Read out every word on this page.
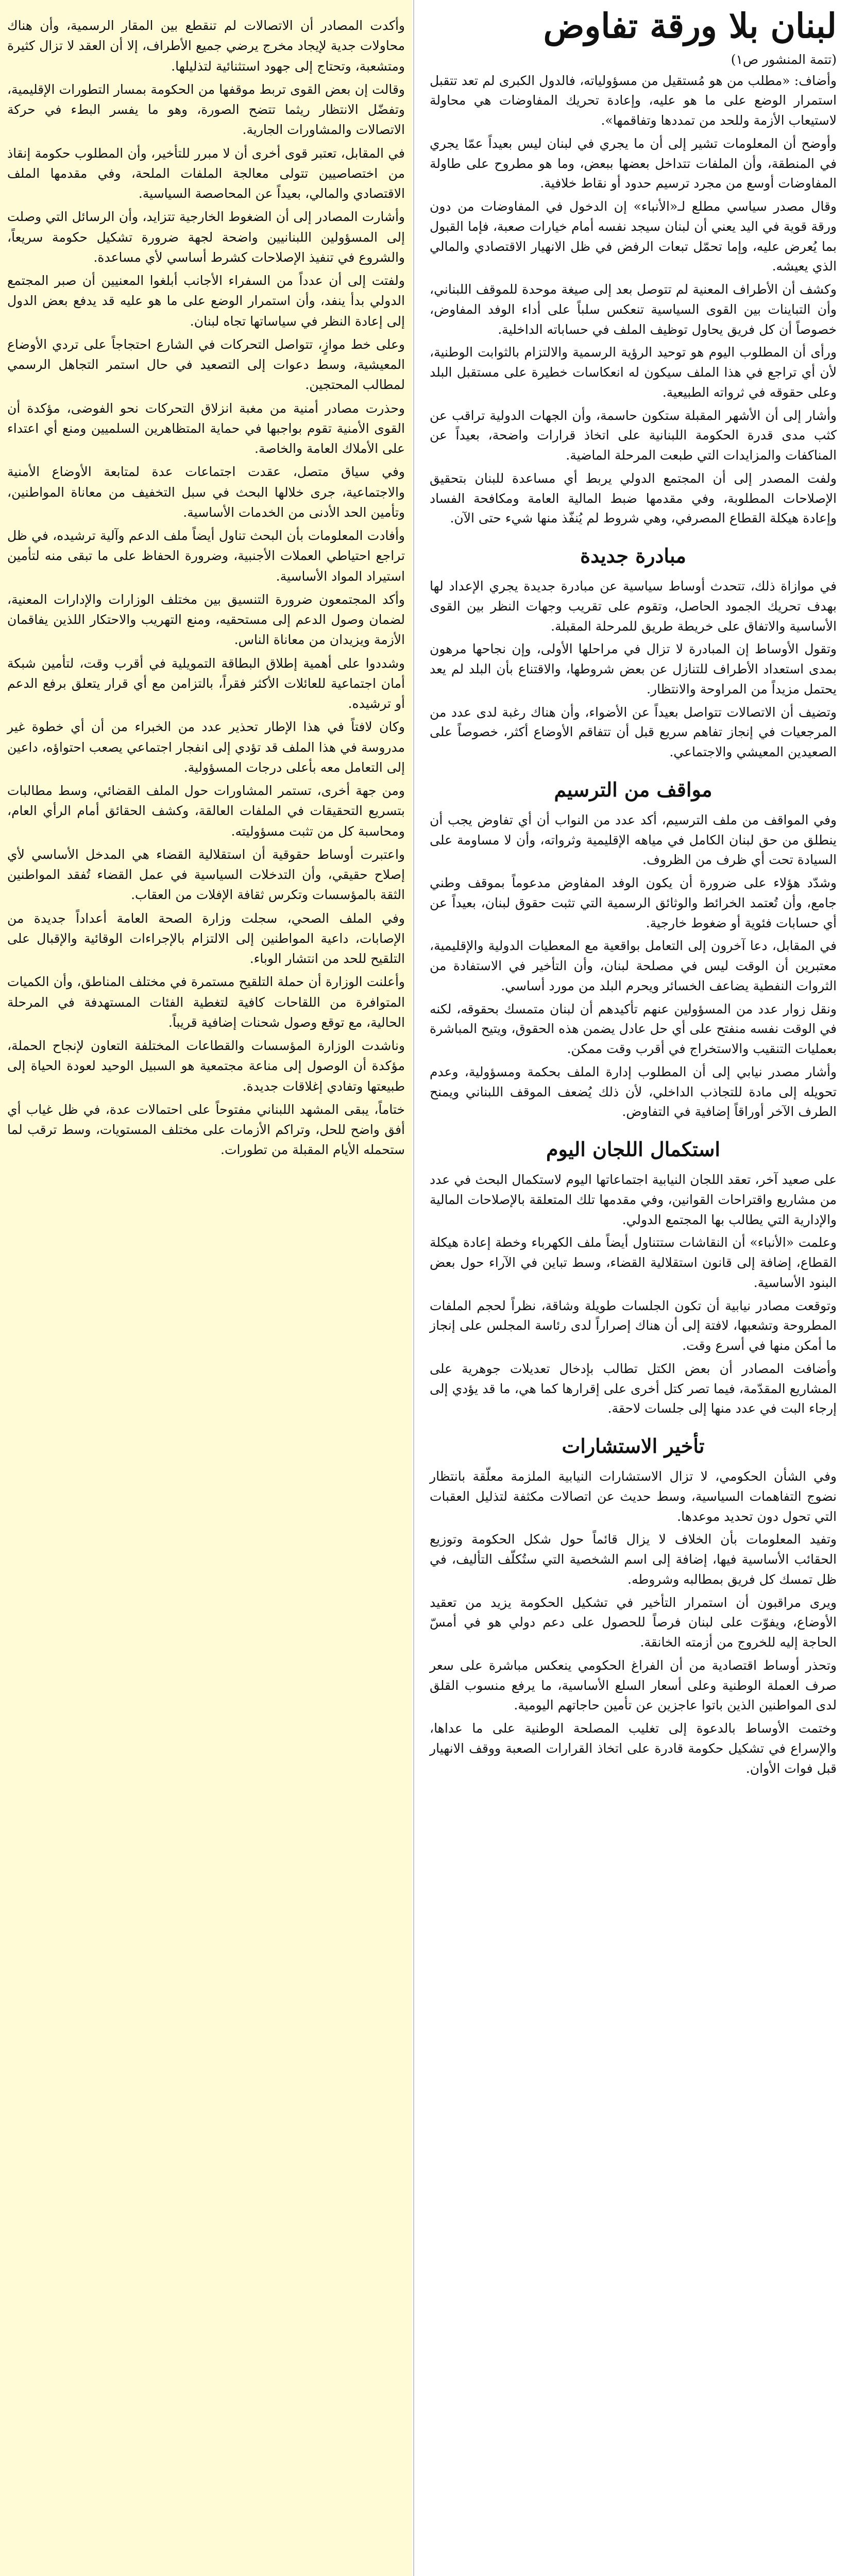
لبنان بلا ورقة تفاوض

(تتمة المنشور ص١)

وأضاف: «مطلب من هو مُستقيل من مسؤولياته، فالدول الكبرى لم تعد تتقبل استمرار الوضع على ما هو عليه، وإعادة تحريك المفاوضات هي محاولة لاستيعاب الأزمة وللحد من تمددها وتفاقمها».

وأوضح أن المعلومات تشير إلى أن ما يجري في لبنان ليس بعيداً عمّا يجري في المنطقة، وأن الملفات تتداخل بعضها ببعض، وما هو مطروح على طاولة المفاوضات أوسع من مجرد ترسيم حدود أو نقاط خلافية.

وقال مصدر سياسي مطلع لـ«الأنباء» إن الدخول في المفاوضات من دون ورقة قوية في اليد يعني أن لبنان سيجد نفسه أمام خيارات صعبة، فإما القبول بما يُعرض عليه، وإما تحمّل تبعات الرفض في ظل الانهيار الاقتصادي والمالي الذي يعيشه.

وكشف أن الأطراف المعنية لم تتوصل بعد إلى صيغة موحدة للموقف اللبناني، وأن التباينات بين القوى السياسية تنعكس سلباً على أداء الوفد المفاوض، خصوصاً أن كل فريق يحاول توظيف الملف في حساباته الداخلية.

ورأى أن المطلوب اليوم هو توحيد الرؤية الرسمية والالتزام بالثوابت الوطنية، لأن أي تراجع في هذا الملف سيكون له انعكاسات خطيرة على مستقبل البلد وعلى حقوقه في ثرواته الطبيعية.

وأشار إلى أن الأشهر المقبلة ستكون حاسمة، وأن الجهات الدولية تراقب عن كثب مدى قدرة الحكومة اللبنانية على اتخاذ قرارات واضحة، بعيداً عن المناكفات والمزايدات التي طبعت المرحلة الماضية.

ولفت المصدر إلى أن المجتمع الدولي يربط أي مساعدة للبنان بتحقيق الإصلاحات المطلوبة، وفي مقدمها ضبط المالية العامة ومكافحة الفساد وإعادة هيكلة القطاع المصرفي، وهي شروط لم يُنفّذ منها شيء حتى الآن.

مبادرة جديدة

في موازاة ذلك، تتحدث أوساط سياسية عن مبادرة جديدة يجري الإعداد لها بهدف تحريك الجمود الحاصل، وتقوم على تقريب وجهات النظر بين القوى الأساسية والاتفاق على خريطة طريق للمرحلة المقبلة.

وتقول الأوساط إن المبادرة لا تزال في مراحلها الأولى، وإن نجاحها مرهون بمدى استعداد الأطراف للتنازل عن بعض شروطها، والاقتناع بأن البلد لم يعد يحتمل مزيداً من المراوحة والانتظار.

وتضيف أن الاتصالات تتواصل بعيداً عن الأضواء، وأن هناك رغبة لدى عدد من المرجعيات في إنجاز تفاهم سريع قبل أن تتفاقم الأوضاع أكثر، خصوصاً على الصعيدين المعيشي والاجتماعي.

مواقف من الترسيم

وفي المواقف من ملف الترسيم، أكد عدد من النواب أن أي تفاوض يجب أن ينطلق من حق لبنان الكامل في مياهه الإقليمية وثرواته، وأن لا مساومة على السيادة تحت أي ظرف من الظروف.

وشدّد هؤلاء على ضرورة أن يكون الوفد المفاوض مدعوماً بموقف وطني جامع، وأن تُعتمد الخرائط والوثائق الرسمية التي تثبت حقوق لبنان، بعيداً عن أي حسابات فئوية أو ضغوط خارجية.

في المقابل، دعا آخرون إلى التعامل بواقعية مع المعطيات الدولية والإقليمية، معتبرين أن الوقت ليس في مصلحة لبنان، وأن التأخير في الاستفادة من الثروات النفطية يضاعف الخسائر ويحرم البلد من مورد أساسي.

ونقل زوار عدد من المسؤولين عنهم تأكيدهم أن لبنان متمسك بحقوقه، لكنه في الوقت نفسه منفتح على أي حل عادل يضمن هذه الحقوق، ويتيح المباشرة بعمليات التنقيب والاستخراج في أقرب وقت ممكن.

وأشار مصدر نيابي إلى أن المطلوب إدارة الملف بحكمة ومسؤولية، وعدم تحويله إلى مادة للتجاذب الداخلي، لأن ذلك يُضعف الموقف اللبناني ويمنح الطرف الآخر أوراقاً إضافية في التفاوض.

استكمال اللجان اليوم

على صعيد آخر، تعقد اللجان النيابية اجتماعاتها اليوم لاستكمال البحث في عدد من مشاريع واقتراحات القوانين، وفي مقدمها تلك المتعلقة بالإصلاحات المالية والإدارية التي يطالب بها المجتمع الدولي.

وعلمت «الأنباء» أن النقاشات ستتناول أيضاً ملف الكهرباء وخطة إعادة هيكلة القطاع، إضافة إلى قانون استقلالية القضاء، وسط تباين في الآراء حول بعض البنود الأساسية.

وتوقعت مصادر نيابية أن تكون الجلسات طويلة وشاقة، نظراً لحجم الملفات المطروحة وتشعبها، لافتة إلى أن هناك إصراراً لدى رئاسة المجلس على إنجاز ما أمكن منها في أسرع وقت.

وأضافت المصادر أن بعض الكتل تطالب بإدخال تعديلات جوهرية على المشاريع المقدّمة، فيما تصر كتل أخرى على إقرارها كما هي، ما قد يؤدي إلى إرجاء البت في عدد منها إلى جلسات لاحقة.

تأخير الاستشارات

وفي الشأن الحكومي، لا تزال الاستشارات النيابية الملزمة معلّقة بانتظار نضوج التفاهمات السياسية، وسط حديث عن اتصالات مكثفة لتذليل العقبات التي تحول دون تحديد موعدها.

وتفيد المعلومات بأن الخلاف لا يزال قائماً حول شكل الحكومة وتوزيع الحقائب الأساسية فيها، إضافة إلى اسم الشخصية التي ستُكلّف التأليف، في ظل تمسك كل فريق بمطالبه وشروطه.

ويرى مراقبون أن استمرار التأخير في تشكيل الحكومة يزيد من تعقيد الأوضاع، ويفوّت على لبنان فرصاً للحصول على دعم دولي هو في أمسّ الحاجة إليه للخروج من أزمته الخانقة.

وتحذر أوساط اقتصادية من أن الفراغ الحكومي ينعكس مباشرة على سعر صرف العملة الوطنية وعلى أسعار السلع الأساسية، ما يرفع منسوب القلق لدى المواطنين الذين باتوا عاجزين عن تأمين حاجاتهم اليومية.

وختمت الأوساط بالدعوة إلى تغليب المصلحة الوطنية على ما عداها، والإسراع في تشكيل حكومة قادرة على اتخاذ القرارات الصعبة ووقف الانهيار قبل فوات الأوان.

وأكدت المصادر أن الاتصالات لم تنقطع بين المقار الرسمية، وأن هناك محاولات جدية لإيجاد مخرج يرضي جميع الأطراف، إلا أن العقد لا تزال كثيرة ومتشعبة، وتحتاج إلى جهود استثنائية لتذليلها.

وقالت إن بعض القوى تربط موقفها من الحكومة بمسار التطورات الإقليمية، وتفضّل الانتظار ريثما تتضح الصورة، وهو ما يفسر البطء في حركة الاتصالات والمشاورات الجارية.

في المقابل، تعتبر قوى أخرى أن لا مبرر للتأخير، وأن المطلوب حكومة إنقاذ من اختصاصيين تتولى معالجة الملفات الملحة، وفي مقدمها الملف الاقتصادي والمالي، بعيداً عن المحاصصة السياسية.

وأشارت المصادر إلى أن الضغوط الخارجية تتزايد، وأن الرسائل التي وصلت إلى المسؤولين اللبنانيين واضحة لجهة ضرورة تشكيل حكومة سريعاً، والشروع في تنفيذ الإصلاحات كشرط أساسي لأي مساعدة.

ولفتت إلى أن عدداً من السفراء الأجانب أبلغوا المعنيين أن صبر المجتمع الدولي بدأ ينفد، وأن استمرار الوضع على ما هو عليه قد يدفع بعض الدول إلى إعادة النظر في سياساتها تجاه لبنان.

وعلى خط موازٍ، تتواصل التحركات في الشارع احتجاجاً على تردي الأوضاع المعيشية، وسط دعوات إلى التصعيد في حال استمر التجاهل الرسمي لمطالب المحتجين.

وحذرت مصادر أمنية من مغبة انزلاق التحركات نحو الفوضى، مؤكدة أن القوى الأمنية تقوم بواجبها في حماية المتظاهرين السلميين ومنع أي اعتداء على الأملاك العامة والخاصة.

وفي سياق متصل، عقدت اجتماعات عدة لمتابعة الأوضاع الأمنية والاجتماعية، جرى خلالها البحث في سبل التخفيف من معاناة المواطنين، وتأمين الحد الأدنى من الخدمات الأساسية.

وأفادت المعلومات بأن البحث تناول أيضاً ملف الدعم وآلية ترشيده، في ظل تراجع احتياطي العملات الأجنبية، وضرورة الحفاظ على ما تبقى منه لتأمين استيراد المواد الأساسية.

وأكد المجتمعون ضرورة التنسيق بين مختلف الوزارات والإدارات المعنية، لضمان وصول الدعم إلى مستحقيه، ومنع التهريب والاحتكار اللذين يفاقمان الأزمة ويزيدان من معاناة الناس.

وشددوا على أهمية إطلاق البطاقة التمويلية في أقرب وقت، لتأمين شبكة أمان اجتماعية للعائلات الأكثر فقراً، بالتزامن مع أي قرار يتعلق برفع الدعم أو ترشيده.

وكان لافتاً في هذا الإطار تحذير عدد من الخبراء من أن أي خطوة غير مدروسة في هذا الملف قد تؤدي إلى انفجار اجتماعي يصعب احتواؤه، داعين إلى التعامل معه بأعلى درجات المسؤولية.

ومن جهة أخرى، تستمر المشاورات حول الملف القضائي، وسط مطالبات بتسريع التحقيقات في الملفات العالقة، وكشف الحقائق أمام الرأي العام، ومحاسبة كل من تثبت مسؤوليته.

واعتبرت أوساط حقوقية أن استقلالية القضاء هي المدخل الأساسي لأي إصلاح حقيقي، وأن التدخلات السياسية في عمل القضاء تُفقد المواطنين الثقة بالمؤسسات وتكرس ثقافة الإفلات من العقاب.

وفي الملف الصحي، سجلت وزارة الصحة العامة أعداداً جديدة من الإصابات، داعية المواطنين إلى الالتزام بالإجراءات الوقائية والإقبال على التلقيح للحد من انتشار الوباء.

وأعلنت الوزارة أن حملة التلقيح مستمرة في مختلف المناطق، وأن الكميات المتوافرة من اللقاحات كافية لتغطية الفئات المستهدفة في المرحلة الحالية، مع توقع وصول شحنات إضافية قريباً.

وناشدت الوزارة المؤسسات والقطاعات المختلفة التعاون لإنجاح الحملة، مؤكدة أن الوصول إلى مناعة مجتمعية هو السبيل الوحيد لعودة الحياة إلى طبيعتها وتفادي إغلاقات جديدة.

ختاماً، يبقى المشهد اللبناني مفتوحاً على احتمالات عدة، في ظل غياب أي أفق واضح للحل، وتراكم الأزمات على مختلف المستويات، وسط ترقب لما ستحمله الأيام المقبلة من تطورات.
